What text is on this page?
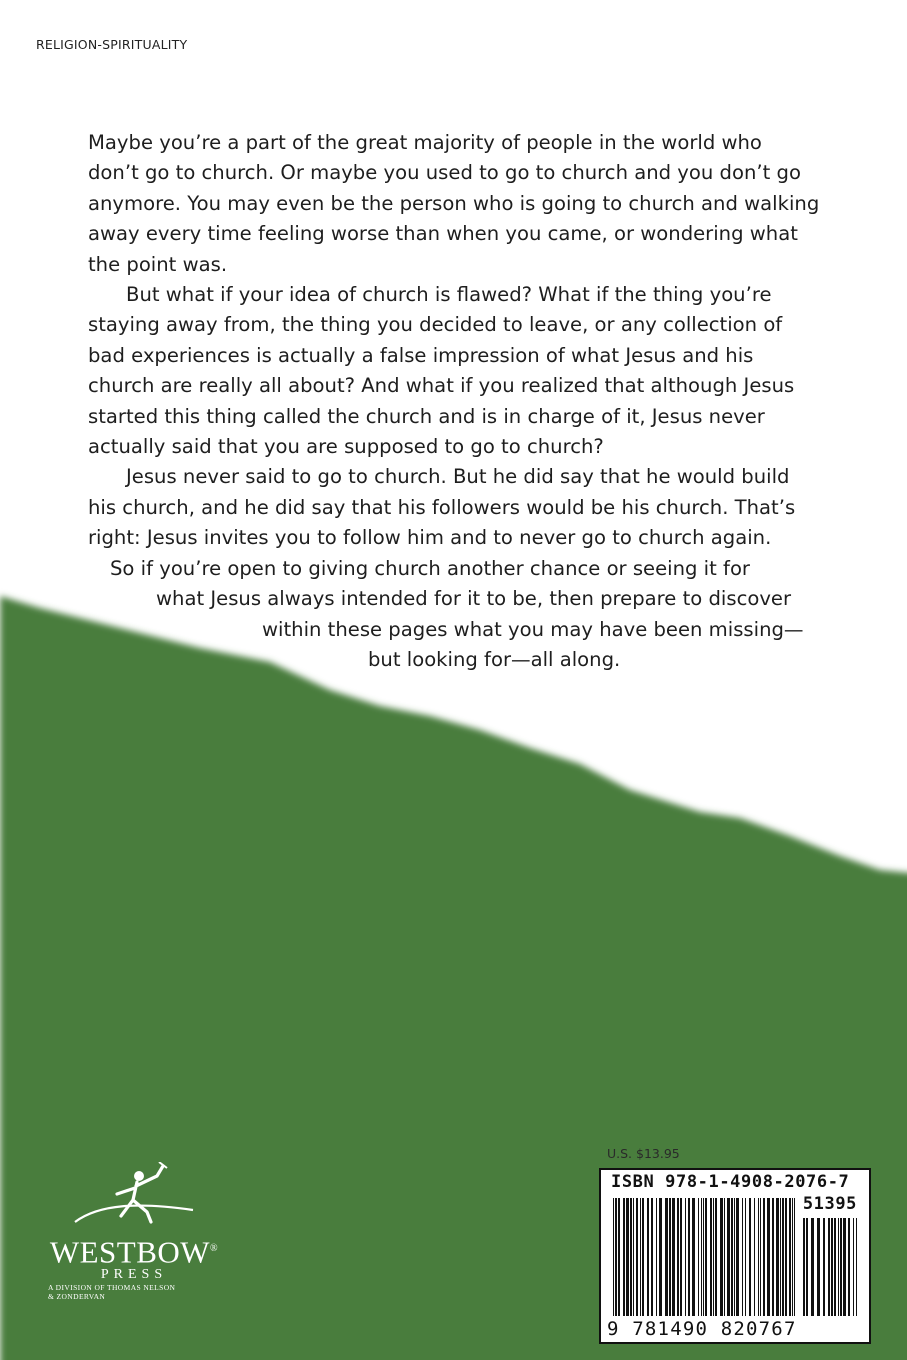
RELIGION-SPIRITUALITY

Maybe you’re a part of the great majority of people in the world who
don’t go to church. Or maybe you used to go to church and you don’t go
anymore. You may even be the person who is going to church and walking
away every time feeling worse than when you came, or wondering what
the point was.

But what if your idea of church is flawed? What if the thing you’re
staying away from, the thing you decided to leave, or any collection of
bad experiences is actually a false impression of what Jesus and his
church are really all about? And what if you realized that although Jesus
started this thing called the church and is in charge of it, Jesus never
actually said that you are supposed to go to church?

Jesus never said to go to church. But he did say that he would build
his church, and he did say that his followers would be his church. That’s
right: Jesus invites you to follow him and to never go to church again.

So if you’re open to giving church another chance or seeing it for
what Jesus always intended for it to be, then prepare to discover
within these pages what you may have been missing—
but looking for—all along.

U.S. $13.95
ISBN 978-1-4908-2076-7
51395
9 781490 820767
WESTBOW®
PRESS
A DIVISION OF THOMAS NELSON
& ZONDERVAN
